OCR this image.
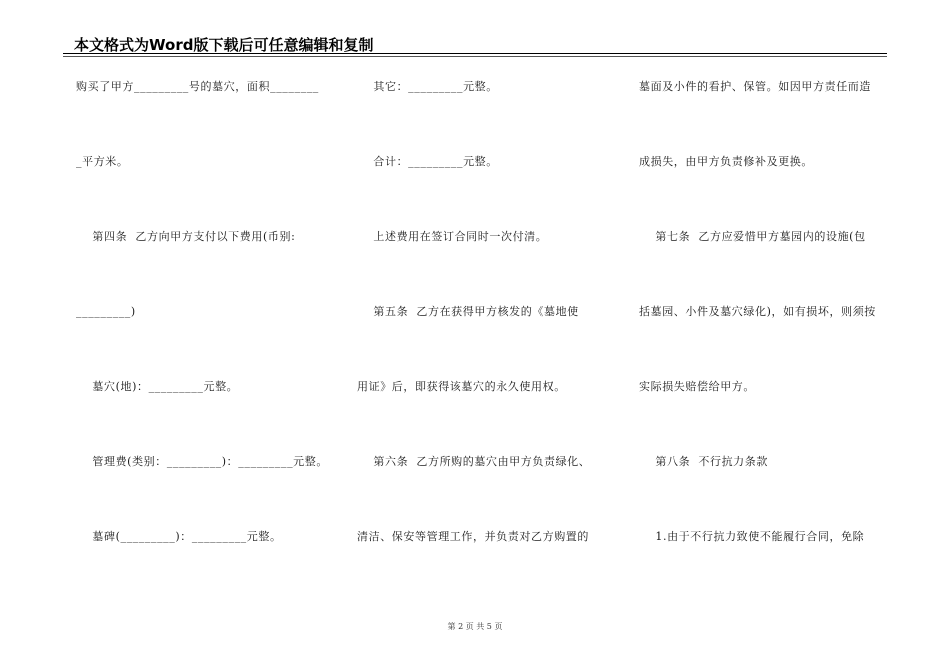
本文格式为Word版下载后可任意编辑和复制
购买了甲方_________号的墓穴，面积________
_平方米。
第四条  乙方向甲方支付以下费用(币别:
_________)
墓穴(地)：_________元整。
管理费(类别：_________)：_________元整。
墓碑(_________)：_________元整。
其它：_________元整。
合计：_________元整。
上述费用在签订合同时一次付清。
第五条  乙方在获得甲方核发的《墓地使
用证》后，即获得该墓穴的永久使用权。
第六条  乙方所购的墓穴由甲方负责绿化、
清洁、保安等管理工作，并负责对乙方购置的
墓面及小件的看护、保管。如因甲方责任而造
成损失，由甲方负责修补及更换。
第七条  乙方应爱惜甲方墓园内的设施(包
括墓园、小件及墓穴绿化)，如有损坏，则须按
实际损失赔偿给甲方。
第八条  不行抗力条款
1.由于不行抗力致使不能履行合同，免除
第 2 页 共 5 页
